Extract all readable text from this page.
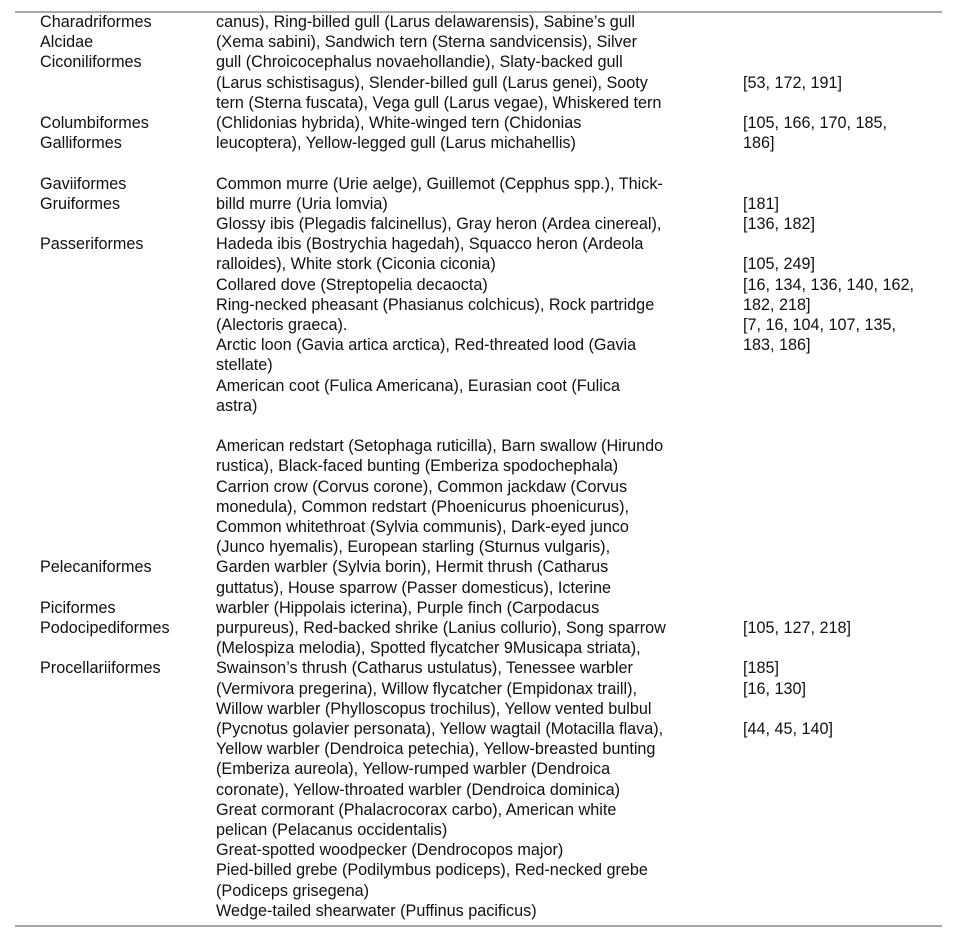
Charadriformes
Alcidae
Ciconiliformes
Columbiformes
Galliformes
Gaviiformes
Gruiformes
Passeriformes
Pelecaniformes
Piciformes
Podocipediformes
Procellariiformes
canus), Ring-billed gull (Larus delawarensis), Sabine’s gull
(Xema sabini), Sandwich tern (Sterna sandvicensis), Silver
gull (Chroicocephalus novaehollandie), Slaty-backed gull
(Larus schistisagus), Slender-billed gull (Larus genei), Sooty
tern (Sterna fuscata), Vega gull (Larus vegae), Whiskered tern
(Chlidonias hybrida), White-winged tern (Chidonias
leucoptera), Yellow-legged gull (Larus michahellis)
Common murre (Urie aelge), Guillemot (Cepphus spp.), Thick-
billd murre (Uria lomvia)
Glossy ibis (Plegadis falcinellus), Gray heron (Ardea cinereal),
Hadeda ibis (Bostrychia hagedah), Squacco heron (Ardeola
ralloides), White stork (Ciconia ciconia)
Collared dove (Streptopelia decaocta)
Ring-necked pheasant (Phasianus colchicus), Rock partridge
(Alectoris graeca).
Arctic loon (Gavia artica arctica), Red-threated lood (Gavia
stellate)
American coot (Fulica Americana), Eurasian coot (Fulica
astra)
American redstart (Setophaga ruticilla), Barn swallow (Hirundo
rustica), Black-faced bunting (Emberiza spodochephala)
Carrion crow (Corvus corone), Common jackdaw (Corvus
monedula), Common redstart (Phoenicurus phoenicurus),
Common whitethroat (Sylvia communis), Dark-eyed junco
(Junco hyemalis), European starling (Sturnus vulgaris),
Garden warbler (Sylvia borin), Hermit thrush (Catharus
guttatus), House sparrow (Passer domesticus), Icterine
warbler (Hippolais icterina), Purple finch (Carpodacus
purpureus), Red-backed shrike (Lanius collurio), Song sparrow
(Melospiza melodia), Spotted flycatcher 9Musicapa striata),
Swainson’s thrush (Catharus ustulatus), Tenessee warbler
(Vermivora pregerina), Willow flycatcher (Empidonax traill),
Willow warbler (Phylloscopus trochilus), Yellow vented bulbul
(Pycnotus golavier personata), Yellow wagtail (Motacilla flava),
Yellow warbler (Dendroica petechia), Yellow-breasted bunting
(Emberiza aureola), Yellow-rumped warbler (Dendroica
coronate), Yellow-throated warbler (Dendroica dominica)
Great cormorant (Phalacrocorax carbo), American white
pelican (Pelacanus occidentalis)
Great-spotted woodpecker (Dendrocopos major)
Pied-billed grebe (Podilymbus podiceps), Red-necked grebe
(Podiceps grisegena)
Wedge-tailed shearwater (Puffinus pacificus)
[53, 172, 191]
[105, 166, 170, 185,
186]
[181]
[136, 182]
[105, 249]
[16, 134, 136, 140, 162,
182, 218]
[7, 16, 104, 107, 135,
183, 186]
[105, 127, 218]
[185]
[16, 130]
[44, 45, 140]
